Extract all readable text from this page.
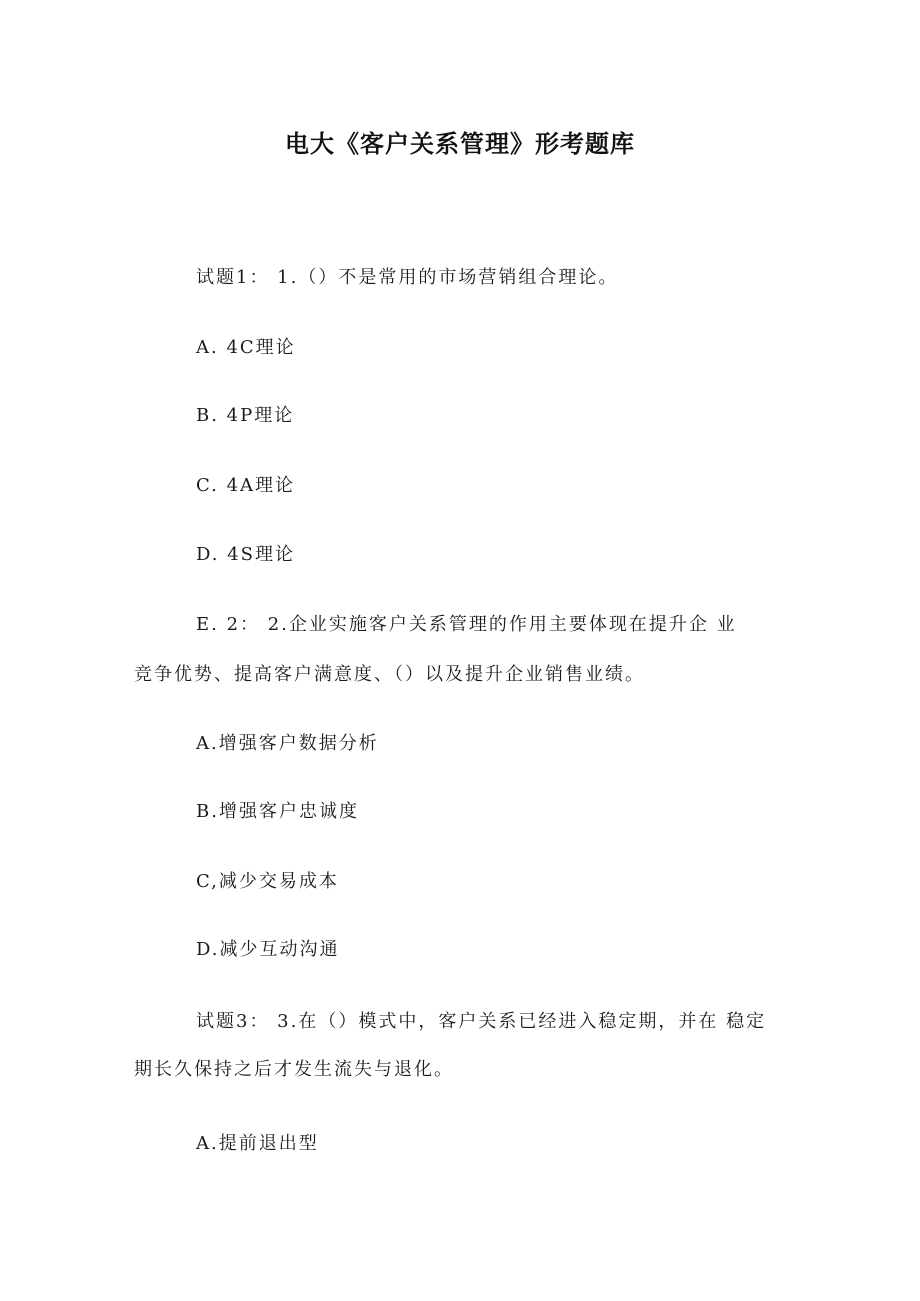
电大《客户关系管理》形考题库
试题1： 1.（）不是常用的市场营销组合理论。
A. 4C理论
B. 4P理论
C. 4A理论
D. 4S理论
E. 2： 2.企业实施客户关系管理的作用主要体现在提升企 业
竞争优势、提高客户满意度、（）以及提升企业销售业绩。
A.增强客户数据分析
B.增强客户忠诚度
C,减少交易成本
D.减少互动沟通
试题3： 3.在（）模式中，客户关系已经进入稳定期，并在 稳定
期长久保持之后才发生流失与退化。
A.提前退出型
